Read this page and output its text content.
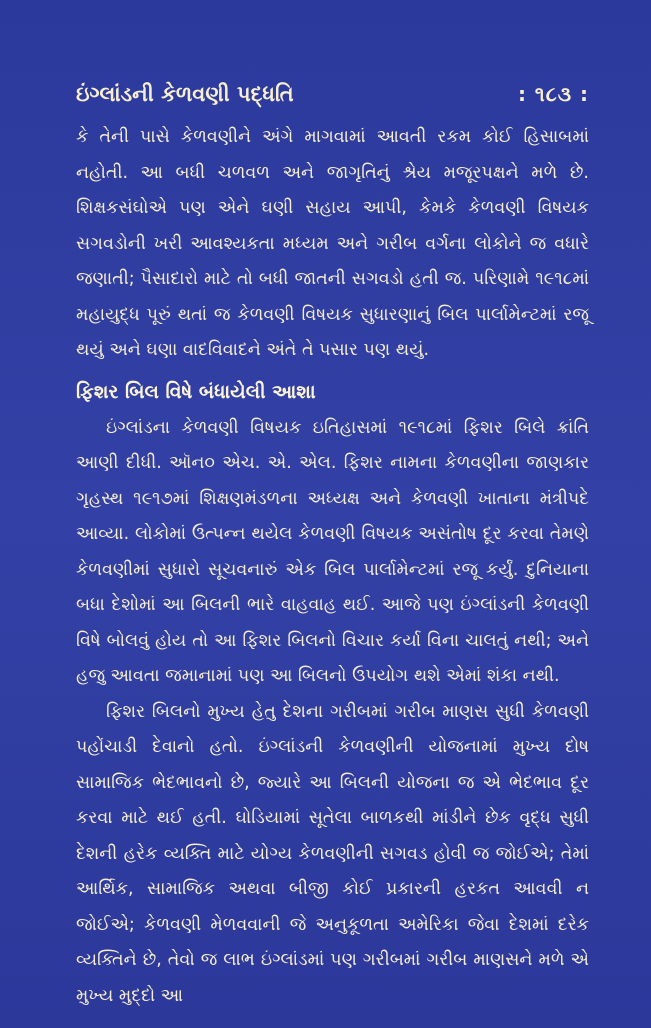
ઇંગ્લાંડની કેળવણી પદ્ધતિ	: ૧૮૩ :

કે તેની પાસે કેળવણીને અંગે માગવામાં આવતી રકમ કોઈ હિસાબમાં નહોતી. આ બધી ચળવળ અને જાગૃતિનું શ્રેય મજૂરપક્ષને મળે છે. શિક્ષકસંઘોએ પણ એને ઘણી સહાય આપી, કેમકે કેળવણી વિષયક સગવડોની ખરી આવશ્યકતા મધ્યમ અને ગરીબ વર્ગના લોકોને જ વધારે જણાતી; પૈસાદારો માટે તો બધી જાતની સગવડો હતી જ. પરિણામે ૧૯૧૮માં મહાયુદ્ધ પૂરું થતાં જ કેળવણી વિષયક સુધારણાનું બિલ પાર્લામેન્ટમાં રજૂ થયું અને ઘણા વાદવિવાદને અંતે તે પસાર પણ થયું.

ફિશર બિલ વિષે બંધાયેલી આશા

ઇંગ્લાંડના કેળવણી વિષયક ઇતિહાસમાં ૧૯૧૮માં ફિશર બિલે ક્રાંતિ આણી દીધી. ઑન૦ એચ. એ. એલ. ફિશર નામના કેળવણીના જાણકાર ગૃહસ્થ ૧૯૧૭માં શિક્ષણમંડળના અધ્યક્ષ અને કેળવણી ખાતાના મંત્રીપદે આવ્યા. લોકોમાં ઉત્પન્ન થયેલ કેળવણી વિષયક અસંતોષ દૂર કરવા તેમણે કેળવણીમાં સુધારો સૂચવનારું એક બિલ પાર્લામેન્ટમાં રજૂ કર્યું. દુનિયાના બધા દેશોમાં આ બિલની ભારે વાહવાહ થઈ. આજે પણ ઇંગ્લાંડની કેળવણી વિષે બોલવું હોય તો આ ફિશર બિલનો વિચાર કર્યા વિના ચાલતું નથી; અને હજુ આવતા જમાનામાં પણ આ બિલનો ઉપયોગ થશે એમાં શંકા નથી.

ફિશર બિલનો મુખ્ય હેતુ દેશના ગરીબમાં ગરીબ માણસ સુધી કેળવણી પહોંચાડી દેવાનો હતો. ઇંગ્લાંડની કેળવણીની યોજનામાં મુખ્ય દોષ સામાજિક ભેદભાવનો છે, જ્યારે આ બિલની યોજના જ એ ભેદભાવ દૂર કરવા માટે થઈ હતી. ઘોડિયામાં સૂતેલા બાળકથી માંડીને છેક વૃદ્ધ સુધી દેશની હરેક વ્યક્તિ માટે યોગ્ય કેળવણીની સગવડ હોવી જ જોઈએ; તેમાં આર્થિક, સામાજિક અથવા બીજી કોઈ પ્રકારની હરકત આવવી ન જોઈએ; કેળવણી મેળવવાની જે અનુકૂળતા અમેરિકા જેવા દેશમાં દરેક વ્યક્તિને છે, તેવો જ લાભ ઇંગ્લાંડમાં પણ ગરીબમાં ગરીબ માણસને મળે એ મુખ્ય મુદ્દો આ
